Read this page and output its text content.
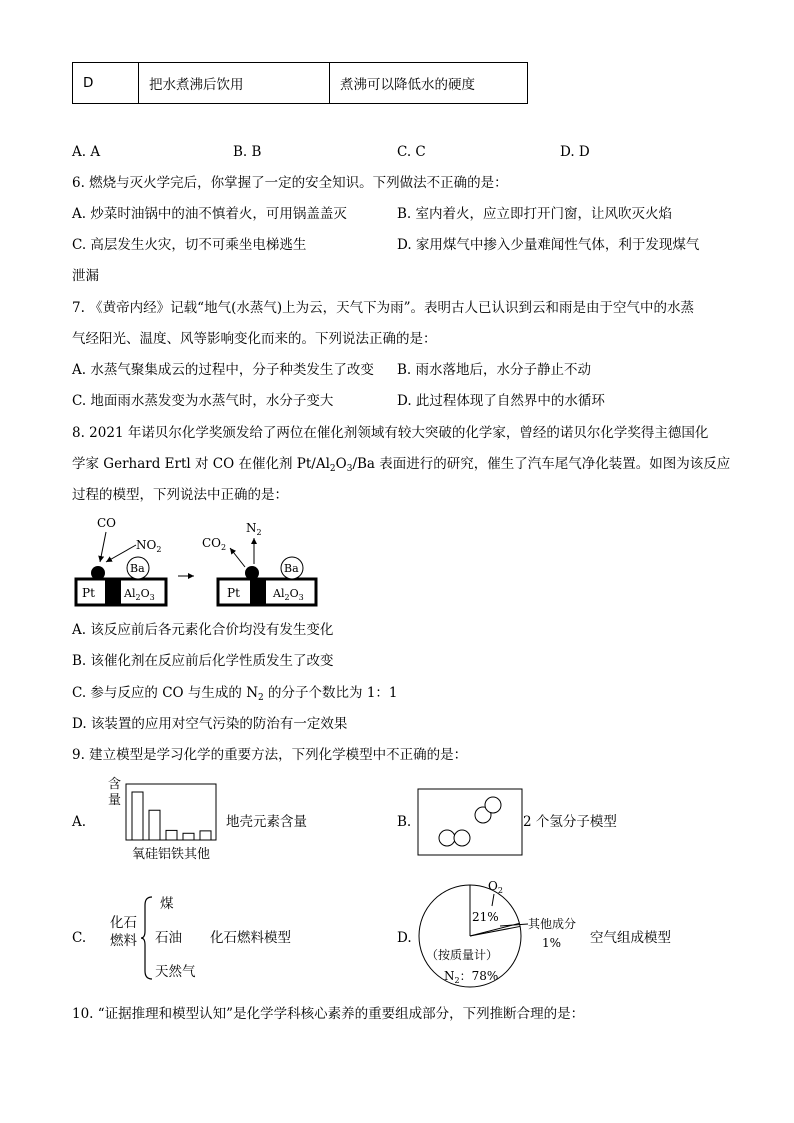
D	把水煮沸后饮用	煮沸可以降低水的硬度
A. A	B. B	C. C	D. D
6. 燃烧与灭火学完后，你掌握了一定的安全知识。下列做法不正确的是：
A. 炒菜时油锅中的油不慎着火，可用锅盖盖灭	B. 室内着火，应立即打开门窗，让风吹灭火焰
C. 高层发生火灾，切不可乘坐电梯逃生	D. 家用煤气中掺入少量难闻性气体，利于发现煤气
泄漏
7. 《黄帝内经》记载“地气(水蒸气)上为云，天气下为雨”。表明古人已认识到云和雨是由于空气中的水蒸
气经阳光、温度、风等影响变化而来的。下列说法正确的是：
A. 水蒸气聚集成云的过程中，分子种类发生了改变 B. 雨水落地后，水分子静止不动
C. 地面雨水蒸发变为水蒸气时，水分子变大	D. 此过程体现了自然界中的水循环
8. 2021 年诺贝尔化学奖颁发给了两位在催化剂领域有较大突破的化学家，曾经的诺贝尔化学奖得主德国化
学家 Gerhard Ertl 对 CO 在催化剂 $Pt/Al_2O_3/Ba$ 表面进行的研究，催生了汽车尾气净化装置。如图为该反应
过程的模型，下列说法中正确的是：
Ba
Pt	$Al_2O_3$
CO
$NO_2$
Ba
Pt	$Al_2O_3$
$CO_2$
$N_2$
A. 该反应前后各元素化合价均没有发生变化
B. 该催化剂在反应前后化学性质发生了改变
C. 参与反应的 CO 与生成的 $N_2$ 的分子个数比为 1：1
D. 该装置的应用对空气污染的防治有一定效果
9. 建立模型是学习化学的重要方法，下列化学模型中不正确的是：
A.
含
量
氧硅铝铁其他
地壳元素含量	B.	2 个氢分子模型
C.
化石
燃料
煤
石油
天然气
化石燃料模型	D.
$O_2$
21% 其他成分
1%
（按质量计）
$N_2$：78%
空气组成模型
10. “证据推理和模型认知”是化学学科核心素养的重要组成部分，下列推断合理的是：
